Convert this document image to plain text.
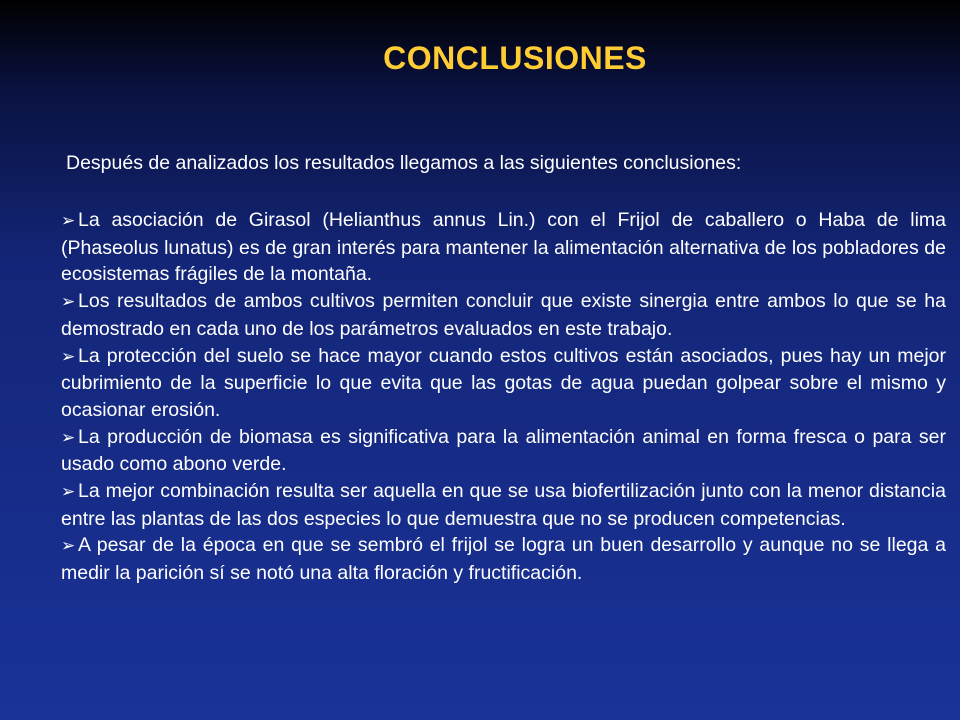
CONCLUSIONES
Después de analizados los resultados llegamos a las siguientes conclusiones:
➢ La asociación de Girasol (Helianthus annus Lin.) con el Frijol de caballero o Haba de lima (Phaseolus lunatus) es de gran interés para mantener la alimentación alternativa de los pobladores de ecosistemas frágiles de la montaña.
➢ Los resultados de ambos cultivos permiten concluir que existe sinergia entre ambos lo que se ha demostrado en cada uno de los parámetros evaluados en este trabajo.
➢ La protección del suelo se hace mayor cuando estos cultivos están asociados, pues hay un mejor cubrimiento de la superficie lo que evita que las gotas de agua puedan golpear sobre el mismo y ocasionar erosión.
➢ La producción de biomasa es significativa para la alimentación animal en forma fresca o para ser usado como abono verde.
➢ La mejor combinación resulta ser aquella en que se usa biofertilización junto con la menor distancia entre las plantas de las dos especies lo que demuestra que no se producen competencias.
➢ A pesar de la época en que se sembró el frijol se logra un buen desarrollo y aunque no se llega a medir la parición sí se notó una alta floración y fructificación.
